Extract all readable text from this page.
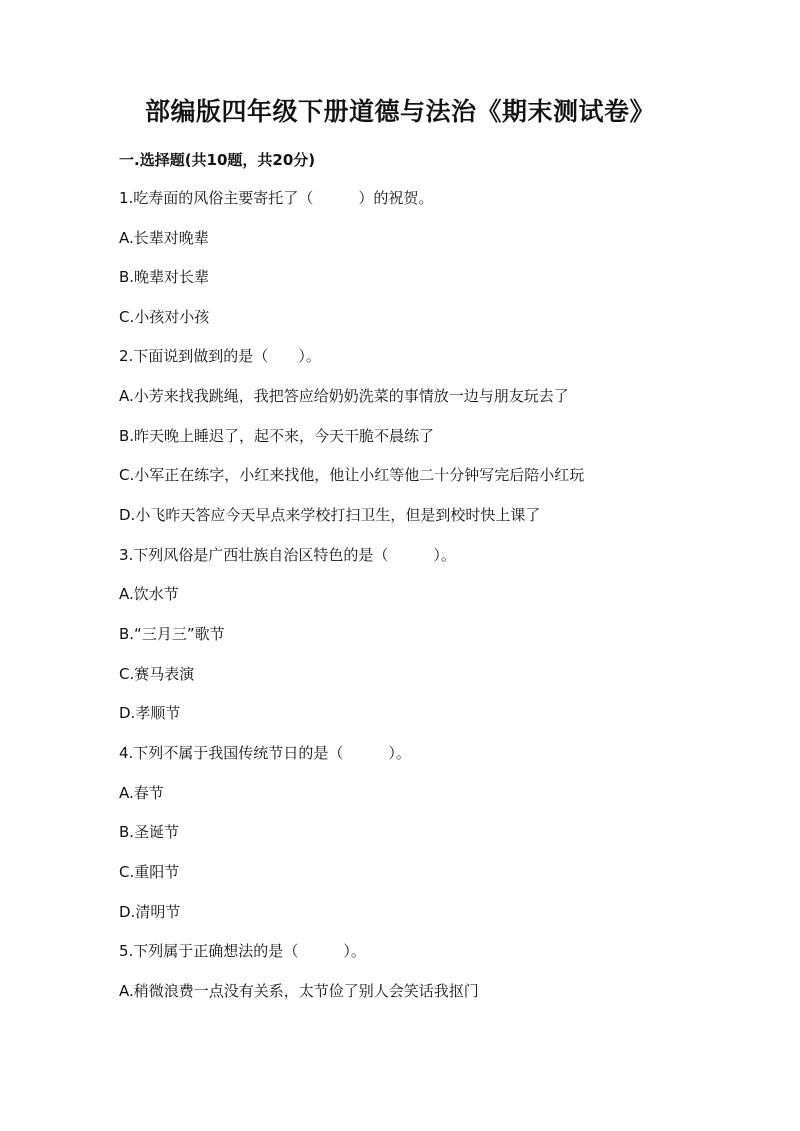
部编版四年级下册道德与法治《期末测试卷》
一.选择题(共10题，共20分)
1.吃寿面的风俗主要寄托了（　　　）的祝贺。
A.长辈对晚辈
B.晚辈对长辈
C.小孩对小孩
2.下面说到做到的是（　　）。
A.小芳来找我跳绳，我把答应给奶奶洗菜的事情放一边与朋友玩去了
B.昨天晚上睡迟了，起不来，今天干脆不晨练了
C.小军正在练字，小红来找他，他让小红等他二十分钟写完后陪小红玩
D.小飞昨天答应今天早点来学校打扫卫生，但是到校时快上课了
3.下列风俗是广西壮族自治区特色的是（　　　）。
A.饮水节
B.“三月三”歌节
C.赛马表演
D.孝顺节
4.下列不属于我国传统节日的是（　　　）。
A.春节
B.圣诞节
C.重阳节
D.清明节
5.下列属于正确想法的是（　　　）。
A.稍微浪费一点没有关系，太节俭了别人会笑话我抠门
